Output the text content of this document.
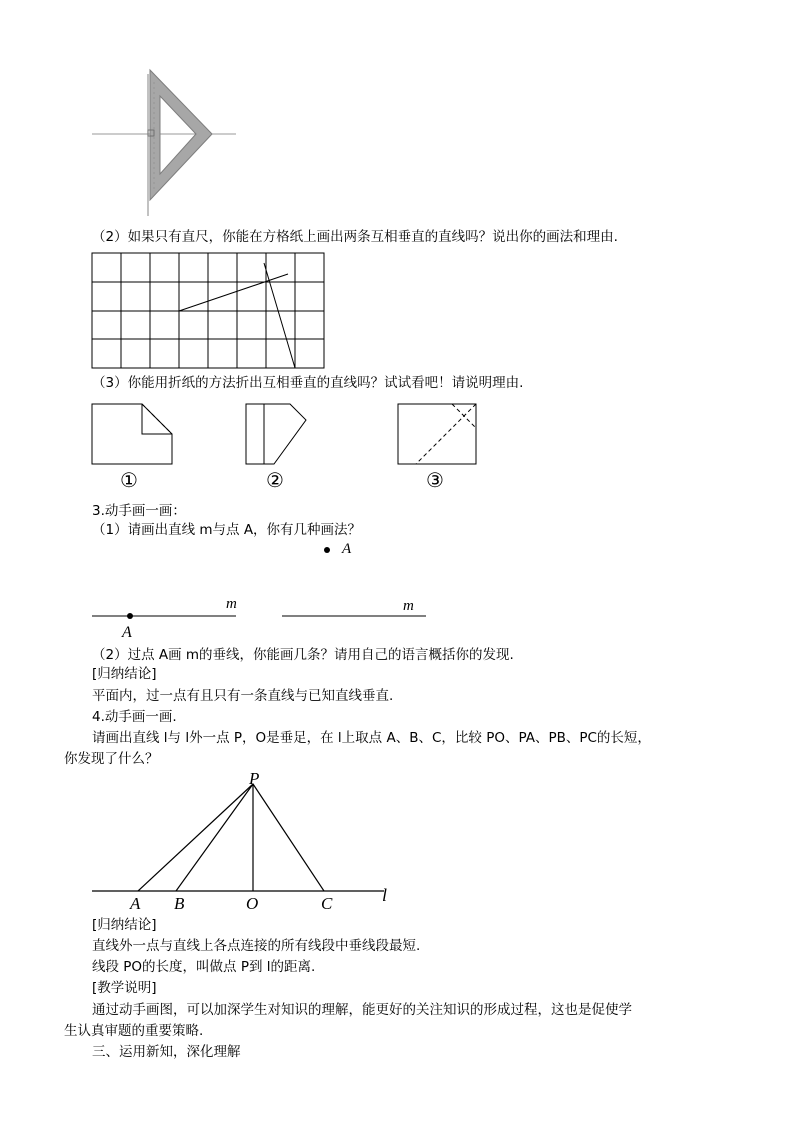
（2）如果只有直尺，你能在方格纸上画出两条互相垂直的直线吗？说出你的画法和理由.
（3）你能用折纸的方法折出互相垂直的直线吗？试试看吧！请说明理由.
①	②	③
3.动手画一画：
（1）请画出直线 m与点 A，你有几种画法？
A
m
A
m
（2）过点 A画 m的垂线，你能画几条？请用自己的语言概括你的发现.
[归纳结论]
平面内，过一点有且只有一条直线与已知直线垂直.
4.动手画一画.
请画出直线 l与 l外一点 P，O是垂足，在 l上取点 A、B、C，比较 PO、PA、PB、PC的长短，
你发现了什么？
P
A B	O	C	l
[归纳结论]
直线外一点与直线上各点连接的所有线段中垂线段最短.
线段 PO的长度，叫做点 P到 l的距离.
[教学说明]
通过动手画图，可以加深学生对知识的理解，能更好的关注知识的形成过程，这也是促使学
生认真审题的重要策略.
三、运用新知，深化理解
